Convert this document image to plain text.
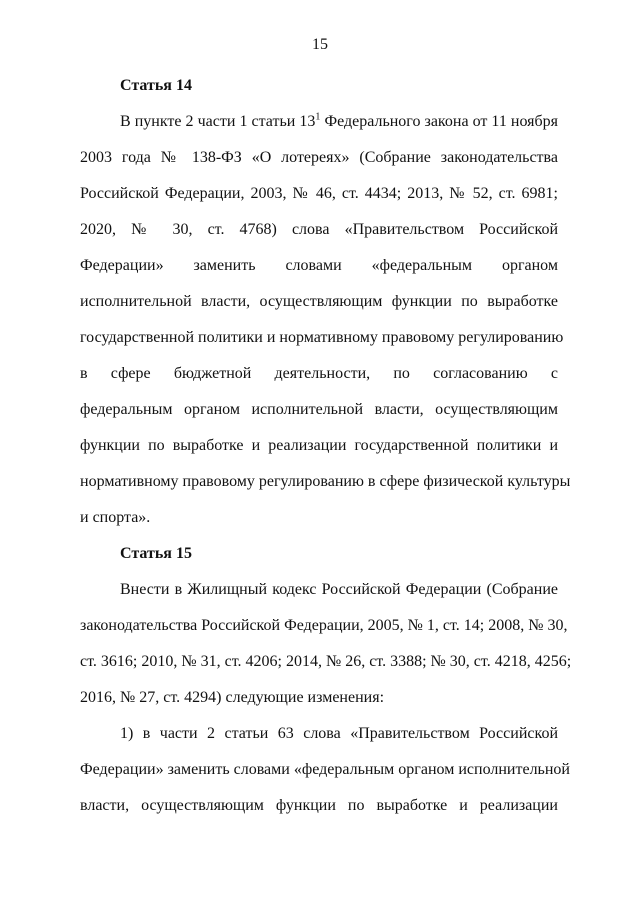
15
Статья 14
В пункте 2 части 1 статьи $13^1$ Федерального закона от 11 ноября
2003 года № 138-ФЗ «О лотереях» (Собрание законодательства
Российской Федерации, 2003, № 46, ст. 4434; 2013, № 52, ст. 6981;
2020, № 30, ст. 4768) слова «Правительством Российской
Федерации» заменить словами «федеральным органом
исполнительной власти, осуществляющим функции по выработке
государственной политики и нормативному правовому регулированию
в сфере бюджетной деятельности, по согласованию с
федеральным органом исполнительной власти, осуществляющим
функции по выработке и реализации государственной политики и
нормативному правовому регулированию в сфере физической культуры
и спорта».
Статья 15
Внести в Жилищный кодекс Российской Федерации (Собрание
законодательства Российской Федерации, 2005, № 1, ст. 14; 2008, № 30,
ст. 3616; 2010, № 31, ст. 4206; 2014, № 26, ст. 3388; № 30, ст. 4218, 4256;
2016, № 27, ст. 4294) следующие изменения:
1) в части 2 статьи 63 слова «Правительством Российской
Федерации» заменить словами «федеральным органом исполнительной
власти, осуществляющим функции по выработке и реализации
